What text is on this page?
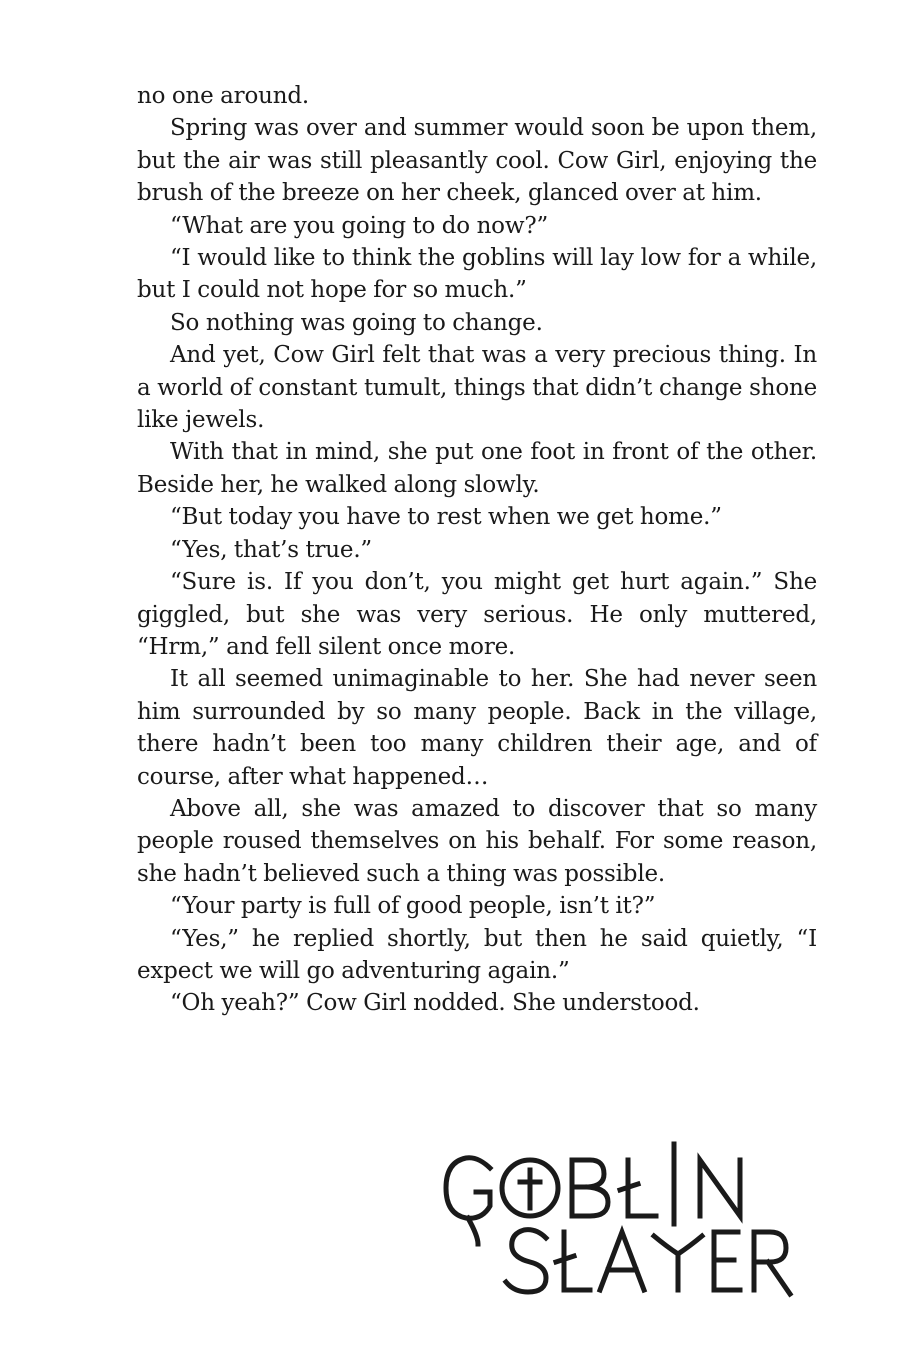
no one around.

Spring was over and summer would soon be upon them, but the air was still pleasantly cool. Cow Girl, enjoying the brush of the breeze on her cheek, glanced over at him.

“What are you going to do now?”

“I would like to think the goblins will lay low for a while, but I could not hope for so much.”

So nothing was going to change.

And yet, Cow Girl felt that was a very precious thing. In a world of constant tumult, things that didn’t change shone like jewels.

With that in mind, she put one foot in front of the other. Beside her, he walked along slowly.

“But today you have to rest when we get home.”

“Yes, that’s true.”

“Sure is. If you don’t, you might get hurt again.” She giggled, but she was very serious. He only muttered, “Hrm,” and fell silent once more.

It all seemed unimaginable to her. She had never seen him surrounded by so many people. Back in the village, there hadn’t been too many children their age, and of course, after what happened…

Above all, she was amazed to discover that so many people roused themselves on his behalf. For some reason, she hadn’t believed such a thing was possible.

“Your party is full of good people, isn’t it?”

“Yes,” he replied shortly, but then he said quietly, “I expect we will go adventuring again.”

“Oh yeah?” Cow Girl nodded. She understood.
